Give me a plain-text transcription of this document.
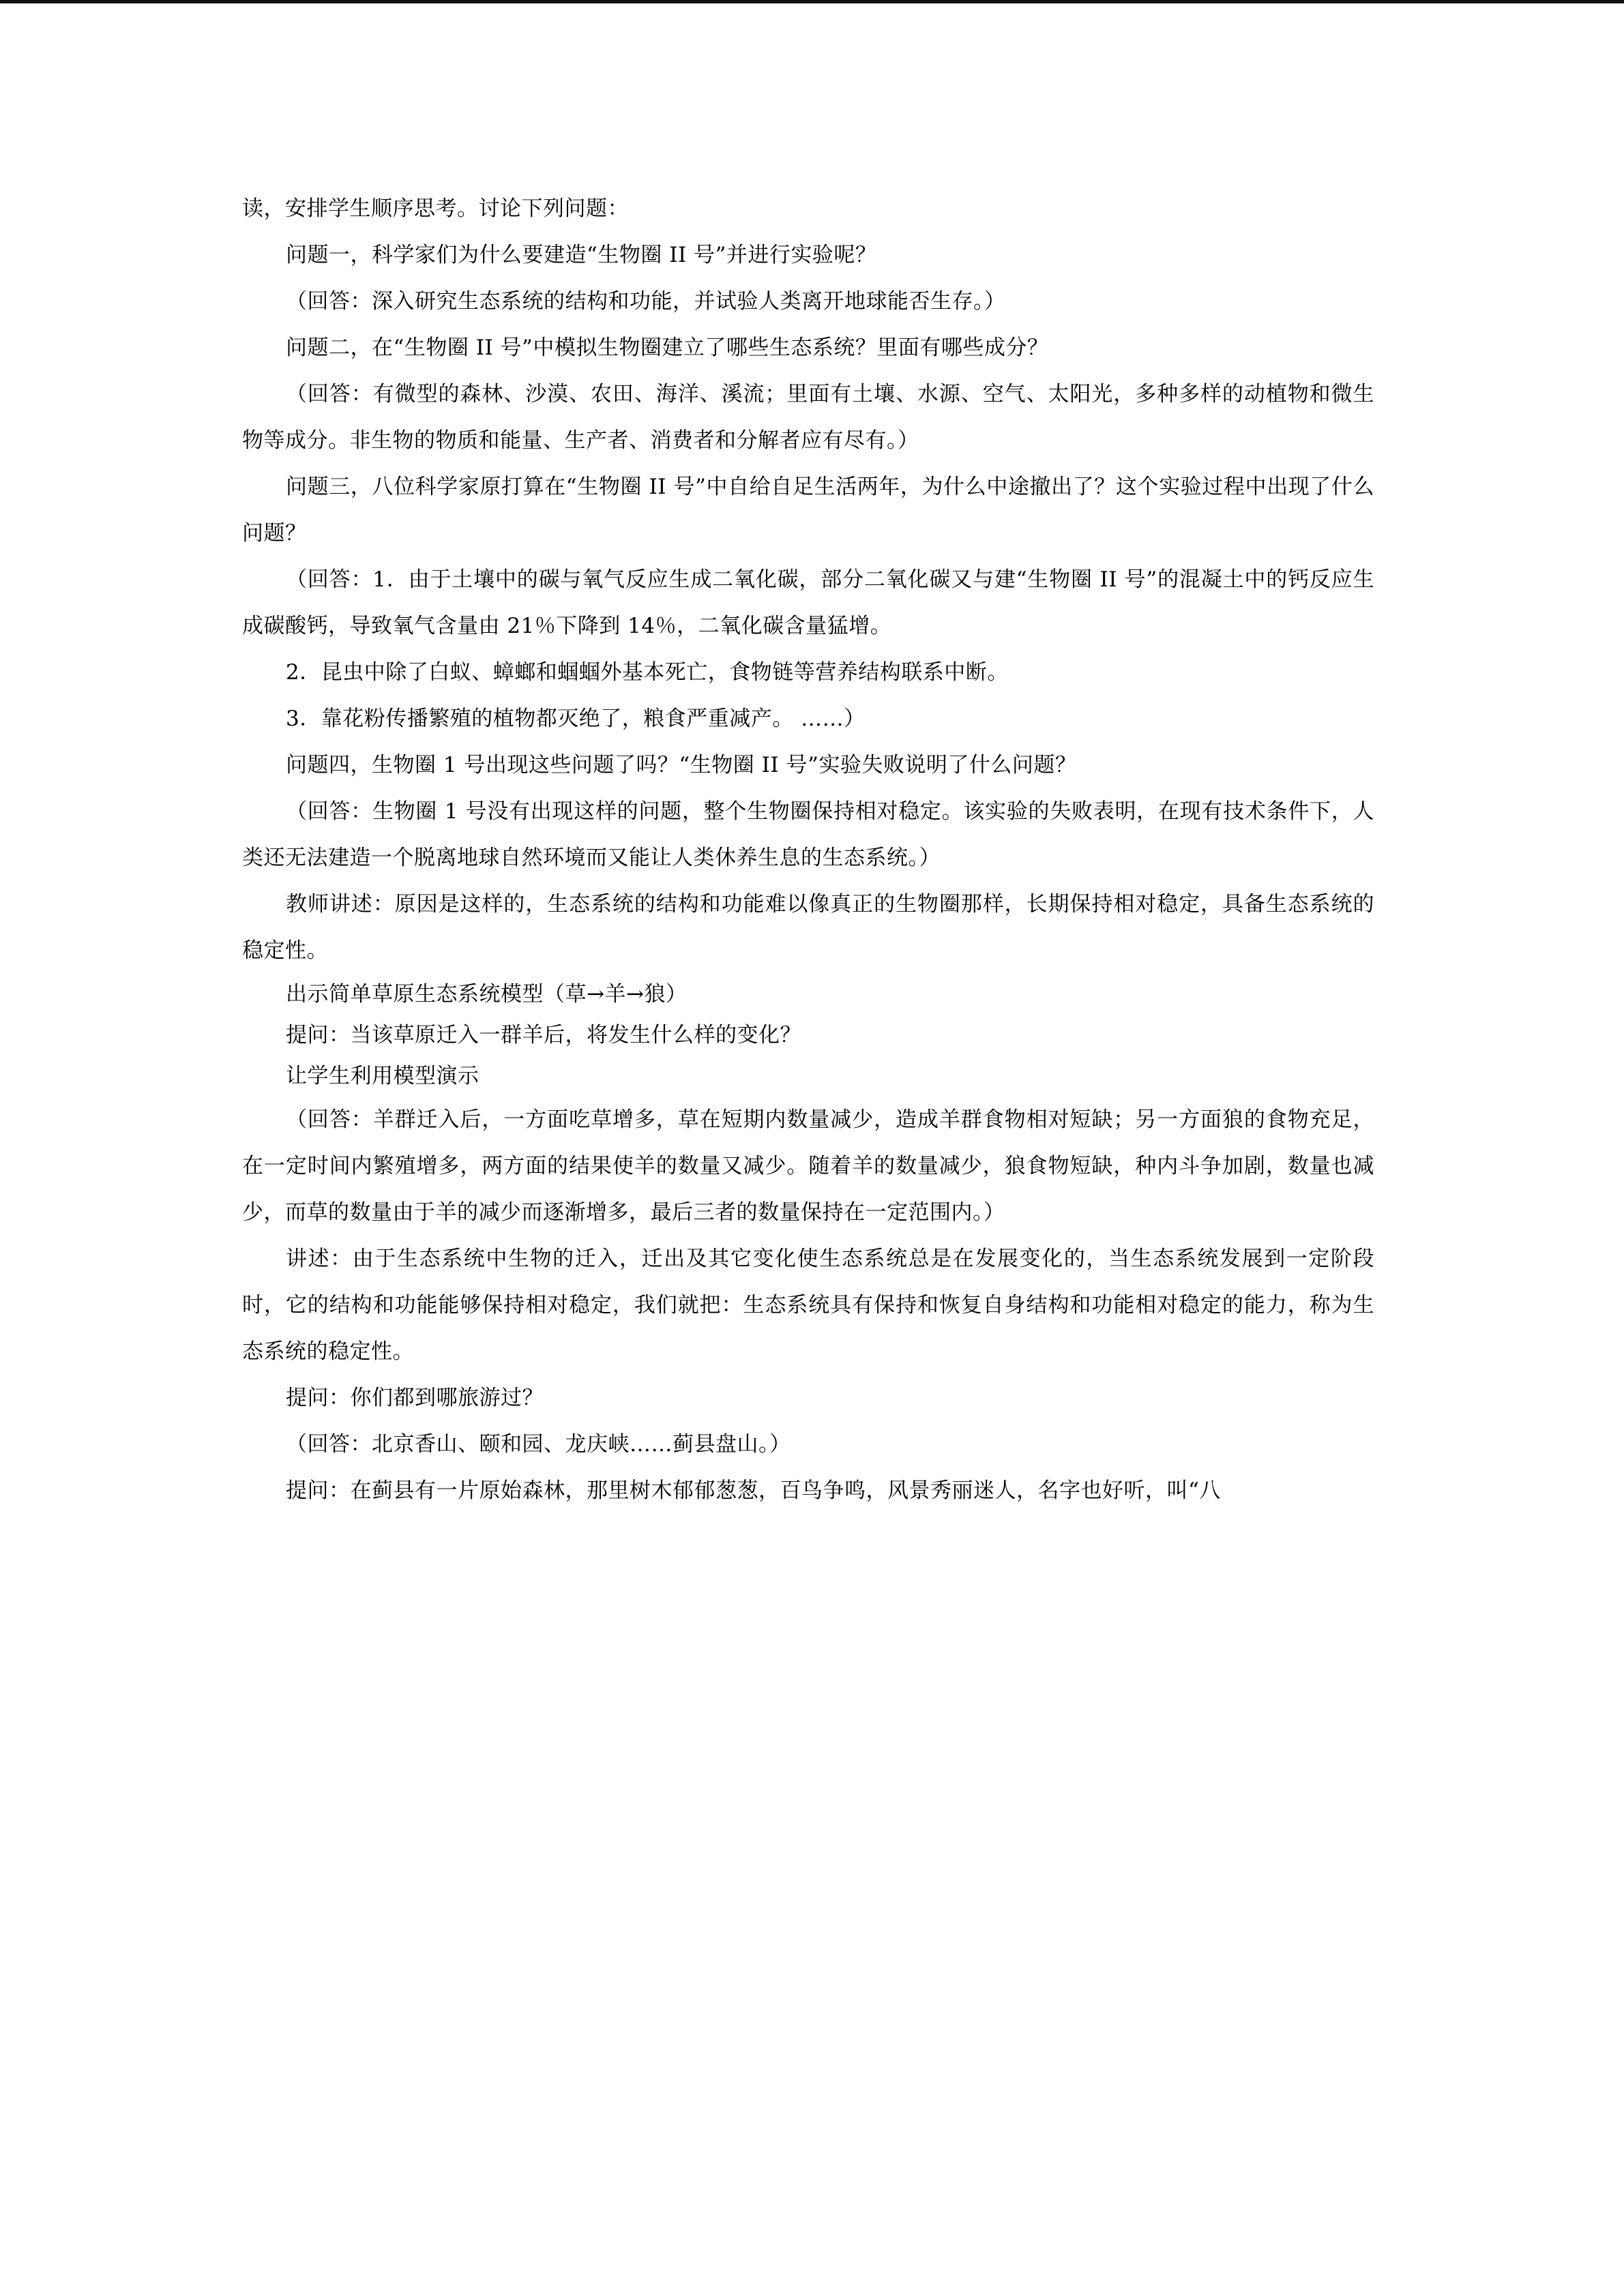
读，安排学生顺序思考。讨论下列问题：

问题一，科学家们为什么要建造“生物圈 II 号”并进行实验呢？

（回答：深入研究生态系统的结构和功能，并试验人类离开地球能否生存。）

问题二，在“生物圈 II 号”中模拟生物圈建立了哪些生态系统？里面有哪些成分？

（回答：有微型的森林、沙漠、农田、海洋、溪流；里面有土壤、水源、空气、太阳光，多种多样的动植物和微生物等成分。非生物的物质和能量、生产者、消费者和分解者应有尽有。）

问题三，八位科学家原打算在“生物圈 II 号”中自给自足生活两年，为什么中途撤出了？这个实验过程中出现了什么问题？

（回答：1．由于土壤中的碳与氧气反应生成二氧化碳，部分二氧化碳又与建“生物圈 II 号”的混凝土中的钙反应生成碳酸钙，导致氧气含量由 21％下降到 14％，二氧化碳含量猛增。

2．昆虫中除了白蚁、蟑螂和蝈蝈外基本死亡，食物链等营养结构联系中断。

3．靠花粉传播繁殖的植物都灭绝了，粮食严重减产。 ……）

问题四，生物圈 1 号出现这些问题了吗？“生物圈 II 号”实验失败说明了什么问题？

（回答：生物圈 1 号没有出现这样的问题，整个生物圈保持相对稳定。该实验的失败表明，在现有技术条件下，人类还无法建造一个脱离地球自然环境而又能让人类休养生息的生态系统。）

教师讲述：原因是这样的，生态系统的结构和功能难以像真正的生物圈那样，长期保持相对稳定，具备生态系统的稳定性。

出示简单草原生态系统模型（草→羊→狼）

提问：当该草原迁入一群羊后，将发生什么样的变化？

让学生利用模型演示

（回答：羊群迁入后，一方面吃草增多，草在短期内数量减少，造成羊群食物相对短缺；另一方面狼的食物充足，在一定时间内繁殖增多，两方面的结果使羊的数量又减少。随着羊的数量减少，狼食物短缺，种内斗争加剧，数量也减少，而草的数量由于羊的减少而逐渐增多，最后三者的数量保持在一定范围内。）

讲述：由于生态系统中生物的迁入，迁出及其它变化使生态系统总是在发展变化的，当生态系统发展到一定阶段时，它的结构和功能能够保持相对稳定，我们就把：生态系统具有保持和恢复自身结构和功能相对稳定的能力，称为生态系统的稳定性。

提问：你们都到哪旅游过？

（回答：北京香山、颐和园、龙庆峡……蓟县盘山。）

提问：在蓟县有一片原始森林，那里树木郁郁葱葱，百鸟争鸣，风景秀丽迷人，名字也好听，叫“八
